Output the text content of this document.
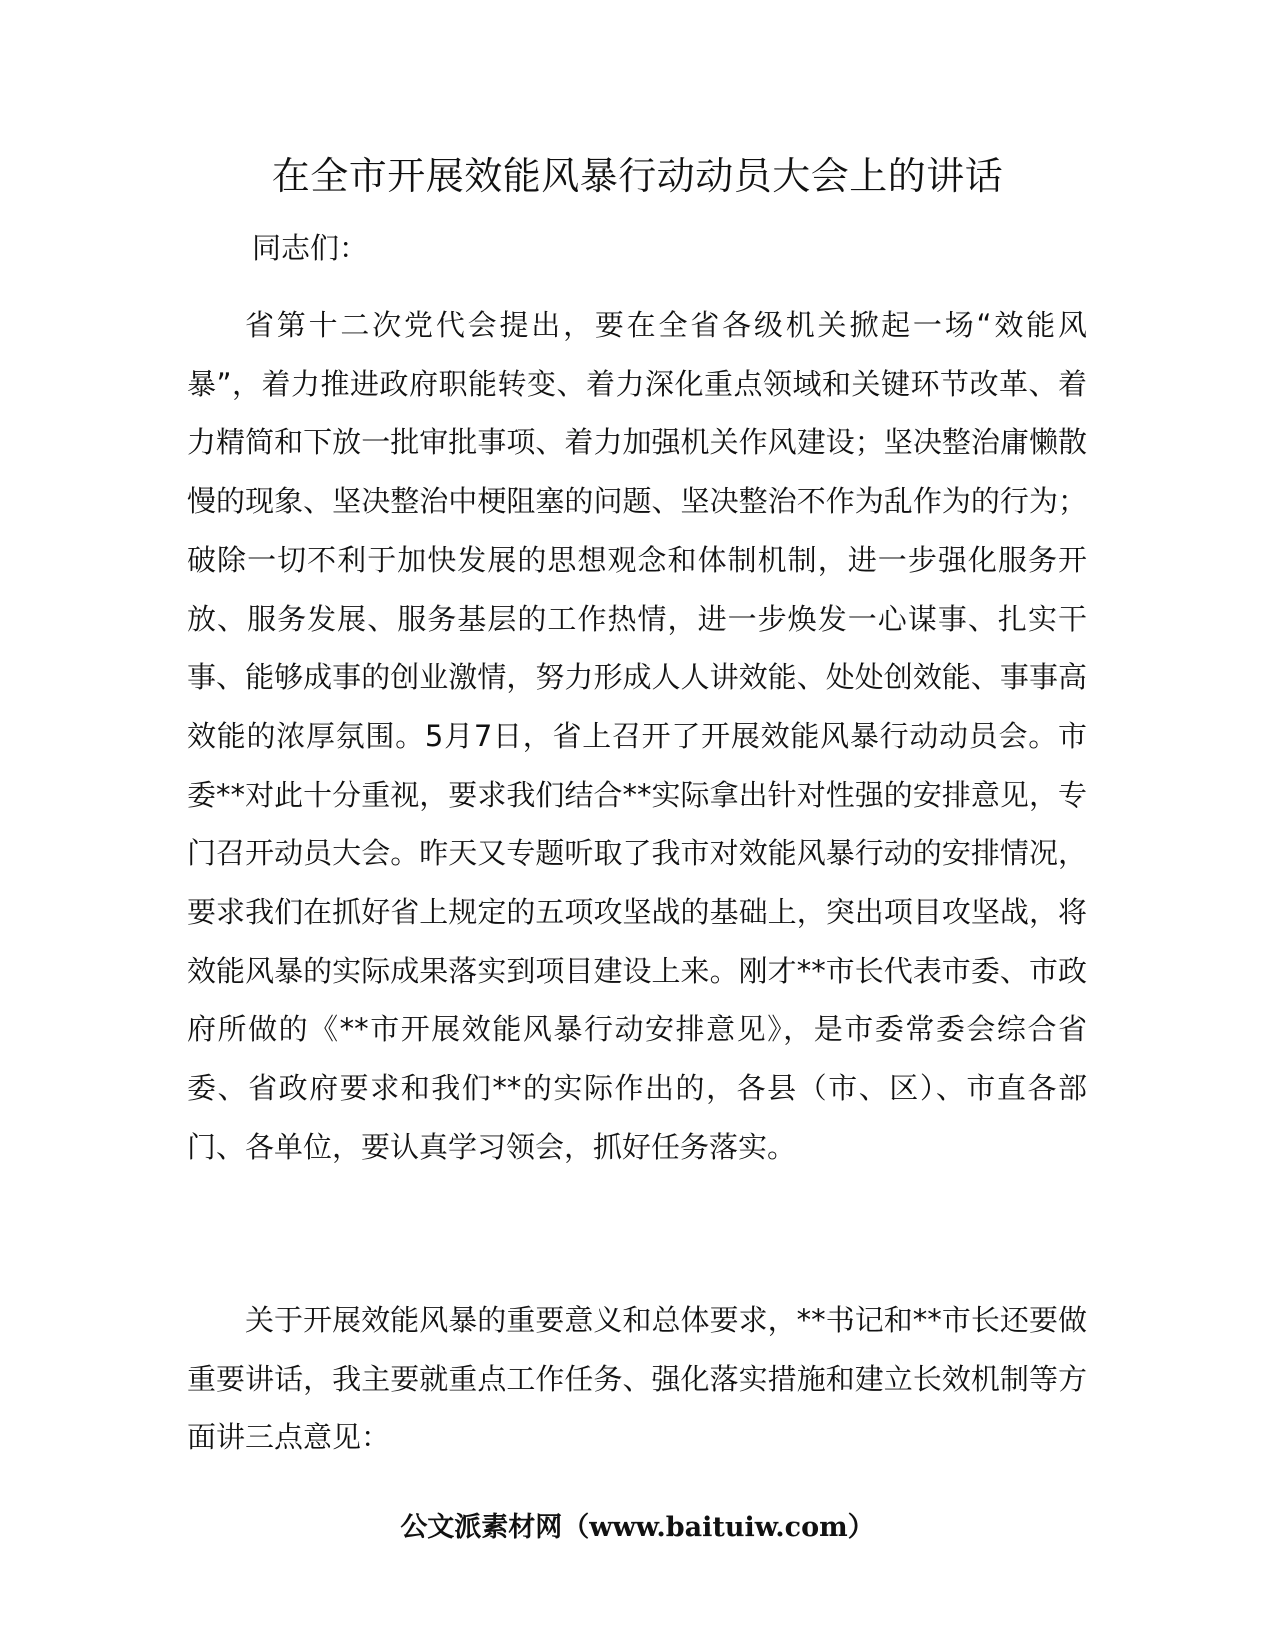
在全市开展效能风暴行动动员大会上的讲话
同志们：

省第十二次党代会提出，要在全省各级机关掀起一场“效能风暴”，着力推进政府职能转变、着力深化重点领域和关键环节改革、着力精简和下放一批审批事项、着力加强机关作风建设；坚决整治庸懒散慢的现象、坚决整治中梗阻塞的问题、坚决整治不作为乱作为的行为；破除一切不利于加快发展的思想观念和体制机制，进一步强化服务开放、服务发展、服务基层的工作热情，进一步焕发一心谋事、扎实干事、能够成事的创业激情，努力形成人人讲效能、处处创效能、事事高效能的浓厚氛围。5月7日，省上召开了开展效能风暴行动动员会。市委**对此十分重视，要求我们结合**实际拿出针对性强的安排意见，专门召开动员大会。昨天又专题听取了我市对效能风暴行动的安排情况，要求我们在抓好省上规定的五项攻坚战的基础上，突出项目攻坚战，将效能风暴的实际成果落实到项目建设上来。刚才**市长代表市委、市政府所做的《**市开展效能风暴行动安排意见》，是市委常委会综合省委、省政府要求和我们**的实际作出的，各县（市、区）、市直各部门、各单位，要认真学习领会，抓好任务落实。

关于开展效能风暴的重要意义和总体要求，**书记和**市长还要做重要讲话，我主要就重点工作任务、强化落实措施和建立长效机制等方面讲三点意见：

公文派素材网（www.baituiw.com）
